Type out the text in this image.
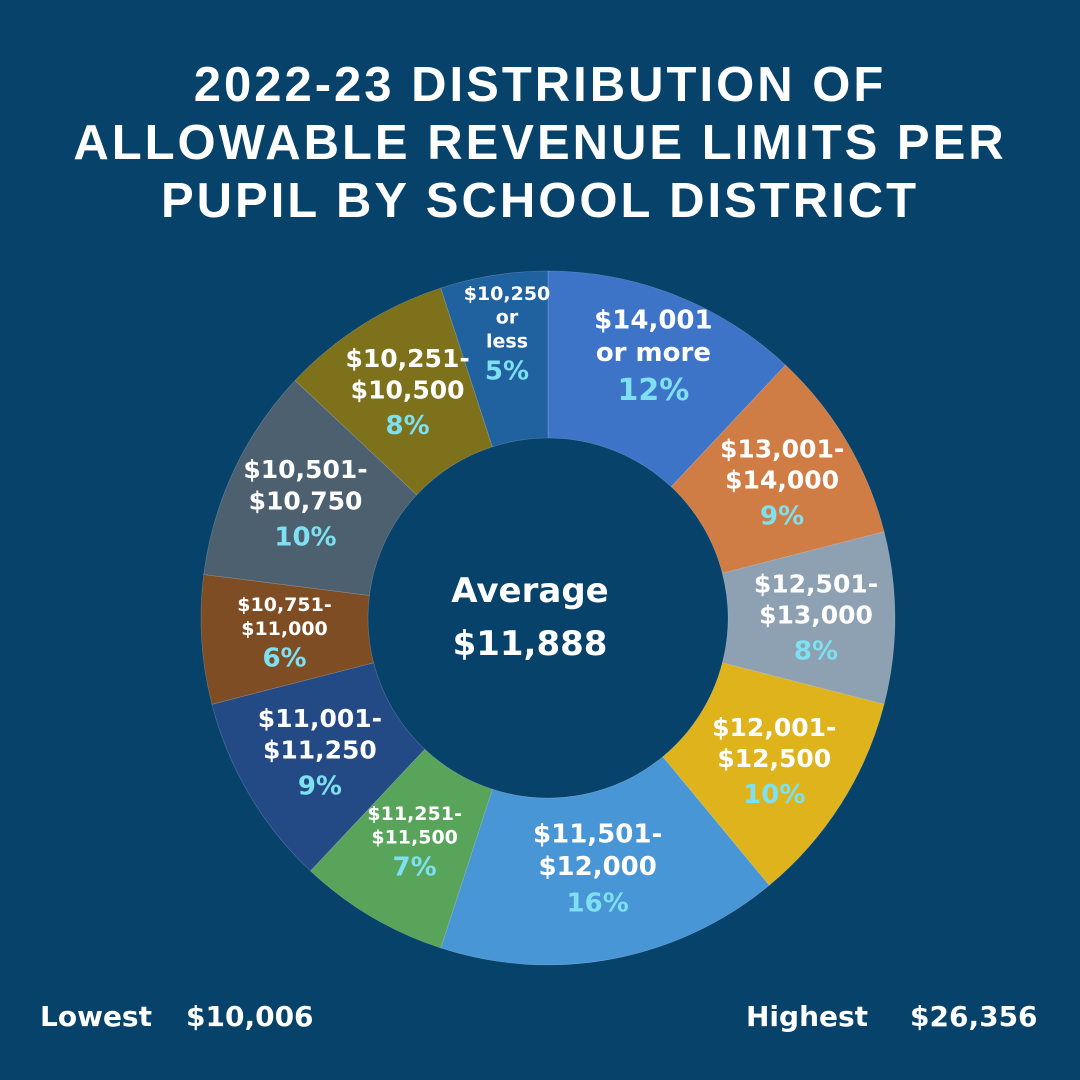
2022-23 DISTRIBUTION OF
ALLOWABLE REVENUE LIMITS PER
PUPIL BY SCHOOL DISTRICT
$14,001
or more
12%
$13,001-
$14,000
9%
$12,501-
$13,000
8%
$12,001-
$12,500
10%
$11,501-
$12,000
16%
$11,251-
$11,500
7%
$11,001-
$11,250
9%
$10,751-
$11,000
6%
$10,501-
$10,750
10%
$10,251-
$10,500
8%
$10,250
or
less
5%
Average
$11,888
Lowest $10,006	Highest $26,356
